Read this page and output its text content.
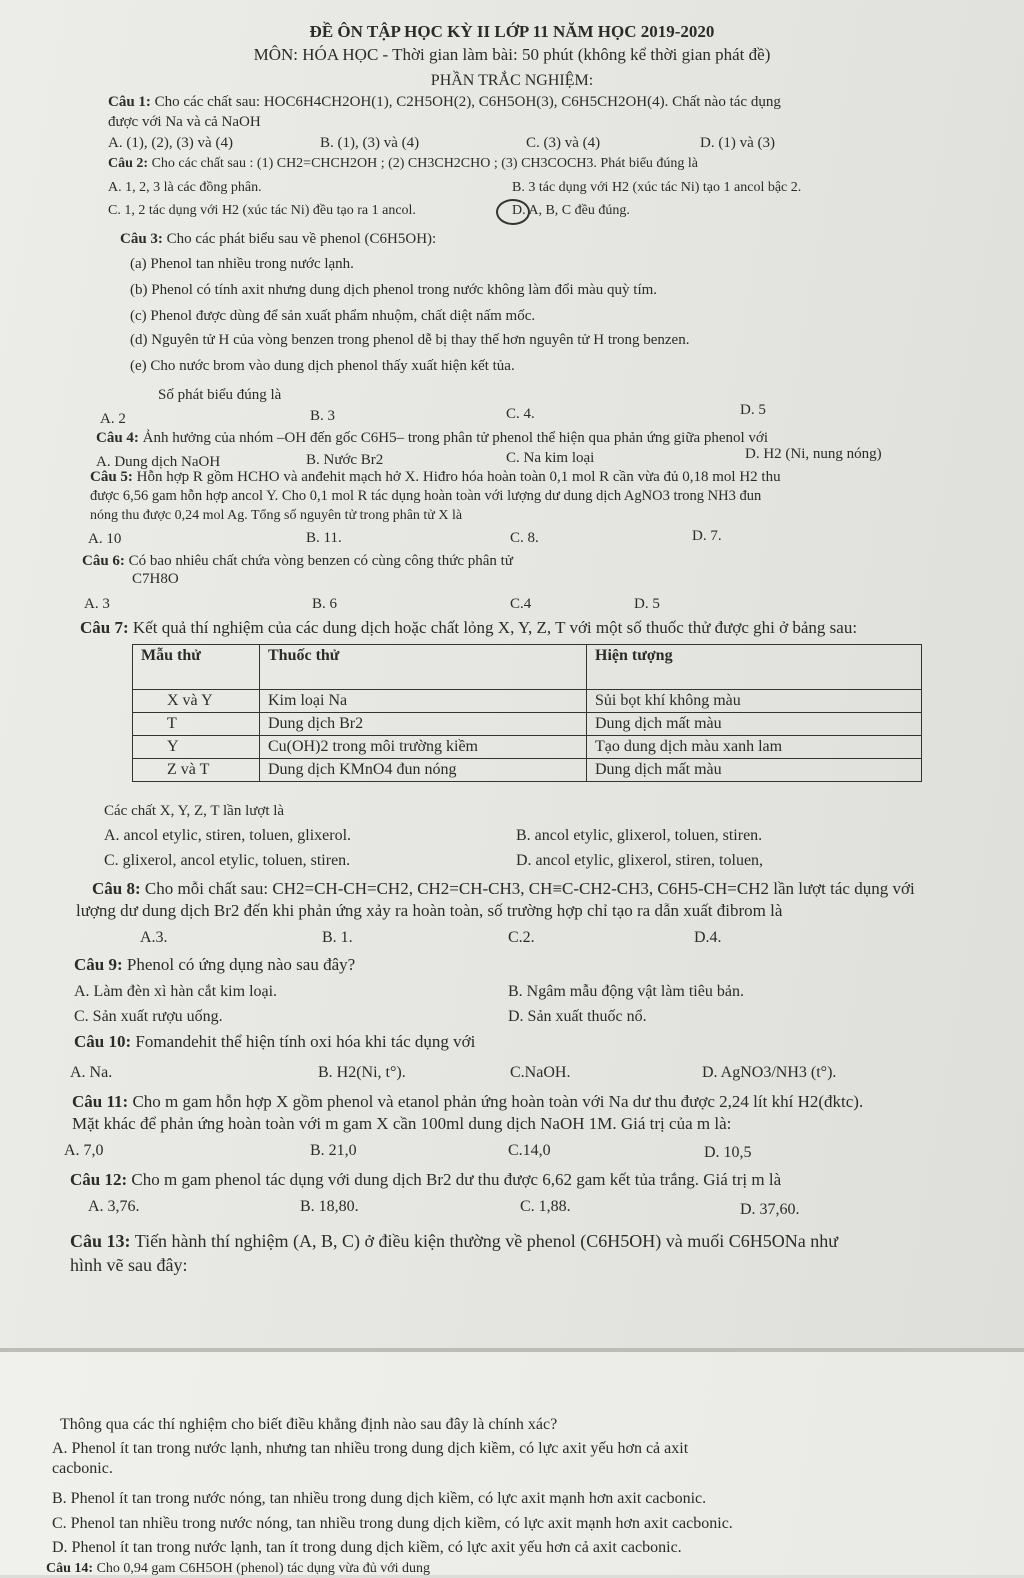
ĐỀ ÔN TẬP HỌC KỲ II LỚP 11 NĂM HỌC 2019-2020
MÔN: HÓA HỌC - Thời gian làm bài: 50 phút (không kể thời gian phát đề)
PHẦN TRẮC NGHIỆM:
Câu 1: Cho các chất sau: HOC6H4CH2OH(1), C2H5OH(2), C6H5OH(3), C6H5CH2OH(4). Chất nào tác dụng
được với Na và cả NaOH
A. (1), (2), (3) và (4)	B. (1), (3) và (4)	C. (3) và (4)	D. (1) và (3)
Câu 2: Cho các chất sau : (1) CH2=CHCH2OH ; (2) CH3CH2CHO ; (3) CH3COCH3. Phát biểu đúng là
A. 1, 2, 3 là các đồng phân.	B. 3 tác dụng với H2 (xúc tác Ni) tạo 1 ancol bậc 2.
C. 1, 2 tác dụng với H2 (xúc tác Ni) đều tạo ra 1 ancol.	D. A, B, C đều đúng.
Câu 3: Cho các phát biểu sau về phenol (C6H5OH):
(a) Phenol tan nhiều trong nước lạnh.
(b) Phenol có tính axit nhưng dung dịch phenol trong nước không làm đổi màu quỳ tím.
(c) Phenol được dùng để sản xuất phẩm nhuộm, chất diệt nấm mốc.
(d) Nguyên tử H của vòng benzen trong phenol dễ bị thay thế hơn nguyên tử H trong benzen.
(e) Cho nước brom vào dung dịch phenol thấy xuất hiện kết tủa.
Số phát biểu đúng là
A. 2	B. 3	C. 4.	D. 5
Câu 4: Ảnh hưởng của nhóm –OH đến gốc C6H5– trong phân tử phenol thể hiện qua phản ứng giữa phenol với
A. Dung dịch NaOH	B. Nước Br2	C. Na kim loại	D. H2 (Ni, nung nóng)
Câu 5: Hỗn hợp R gồm HCHO và anđehit mạch hở X. Hiđro hóa hoàn toàn 0,1 mol R cần vừa đủ 0,18 mol H2 thu
được 6,56 gam hỗn hợp ancol Y. Cho 0,1 mol R tác dụng hoàn toàn với lượng dư dung dịch AgNO3 trong NH3 đun
nóng thu được 0,24 mol Ag. Tổng số nguyên tử trong phân tử X là
A. 10	B. 11.	C. 8.	D. 7.
Câu 6: Có bao nhiêu chất chứa vòng benzen có cùng công thức phân tử
C7H8O
A. 3	B. 6	C.4	D. 5
Câu 7: Kết quả thí nghiệm của các dung dịch hoặc chất lỏng X, Y, Z, T với một số thuốc thử được ghi ở bảng sau:
Mẫu thử	Thuốc thử	Hiện tượng
X và Y	Kim loại Na	Sủi bọt khí không màu
T	Dung dịch Br2	Dung dịch mất màu
Y	Cu(OH)2 trong môi trường kiềm	Tạo dung dịch màu xanh lam
Z và T	Dung dịch KMnO4 đun nóng	Dung dịch mất màu
Các chất X, Y, Z, T lần lượt là
A. ancol etylic, stiren, toluen, glixerol.	B. ancol etylic, glixerol, toluen, stiren.
C. glixerol, ancol etylic, toluen, stiren.	D. ancol etylic, glixerol, stiren, toluen,
Câu 8: Cho mỗi chất sau: CH2=CH-CH=CH2, CH2=CH-CH3, CH≡C-CH2-CH3, C6H5-CH=CH2 lần lượt tác dụng với
lượng dư dung dịch Br2 đến khi phản ứng xảy ra hoàn toàn, số trường hợp chỉ tạo ra dẫn xuất đibrom là
A.3.	B. 1.	C.2.	D.4.
Câu 9: Phenol có ứng dụng nào sau đây?
A. Làm đèn xì hàn cắt kim loại.	B. Ngâm mẫu động vật làm tiêu bản.
C. Sản xuất rượu uống.	D. Sản xuất thuốc nổ.
Câu 10: Fomandehit thể hiện tính oxi hóa khi tác dụng với
A. Na.	B. H2(Ni, t°).	C.NaOH.	D. AgNO3/NH3 (t°).
Câu 11: Cho m gam hỗn hợp X gồm phenol và etanol phản ứng hoàn toàn với Na dư thu được 2,24 lít khí H2(đktc).
Mặt khác để phản ứng hoàn toàn với m gam X cần 100ml dung dịch NaOH 1M. Giá trị của m là:
A. 7,0	B. 21,0	C.14,0	D. 10,5
Câu 12: Cho m gam phenol tác dụng với dung dịch Br2 dư thu được 6,62 gam kết tủa trắng. Giá trị m là
A. 3,76.	B. 18,80.	C. 1,88.	D. 37,60.
Câu 13: Tiến hành thí nghiệm (A, B, C) ở điều kiện thường về phenol (C6H5OH) và muối C6H5ONa như
hình vẽ sau đây:
Thông qua các thí nghiệm cho biết điều khẳng định nào sau đây là chính xác?
A. Phenol ít tan trong nước lạnh, nhưng tan nhiều trong dung dịch kiềm, có lực axit yếu hơn cả axit
cacbonic.
B. Phenol ít tan trong nước nóng, tan nhiều trong dung dịch kiềm, có lực axit mạnh hơn axit cacbonic.
C. Phenol tan nhiều trong nước nóng, tan nhiều trong dung dịch kiềm, có lực axit mạnh hơn axit cacbonic.
D. Phenol ít tan trong nước lạnh, tan ít trong dung dịch kiềm, có lực axit yếu hơn cả axit cacbonic.
Câu 14: Cho 0,94 gam C6H5OH (phenol) tác dụng vừa đủ với dung
